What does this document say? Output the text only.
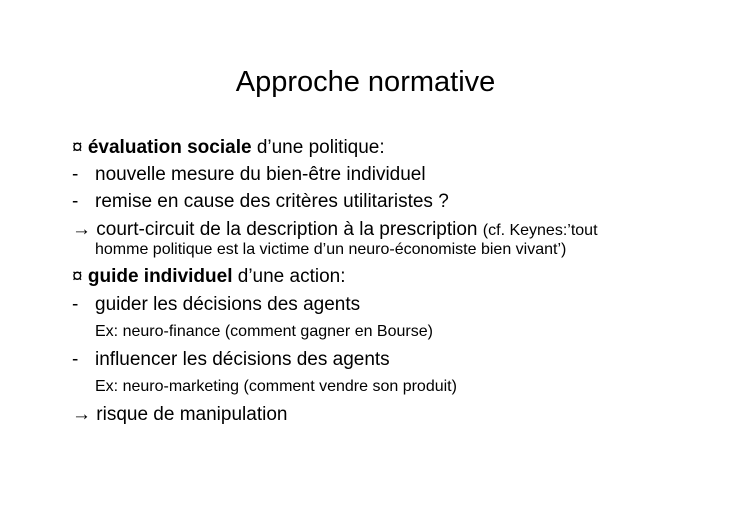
Approche normative
¤ évaluation sociale d’une politique:
- nouvelle mesure du bien-être individuel
- remise en cause des critères utilitaristes ?
→ court-circuit de la description à la prescription (cf. Keynes:’tout
homme politique est la victime d’un neuro-économiste bien vivant’)
¤ guide individuel d’une action:
- guider les décisions des agents
Ex: neuro-finance (comment gagner en Bourse)
- influencer les décisions des agents
Ex: neuro-marketing (comment vendre son produit)
→ risque de manipulation
